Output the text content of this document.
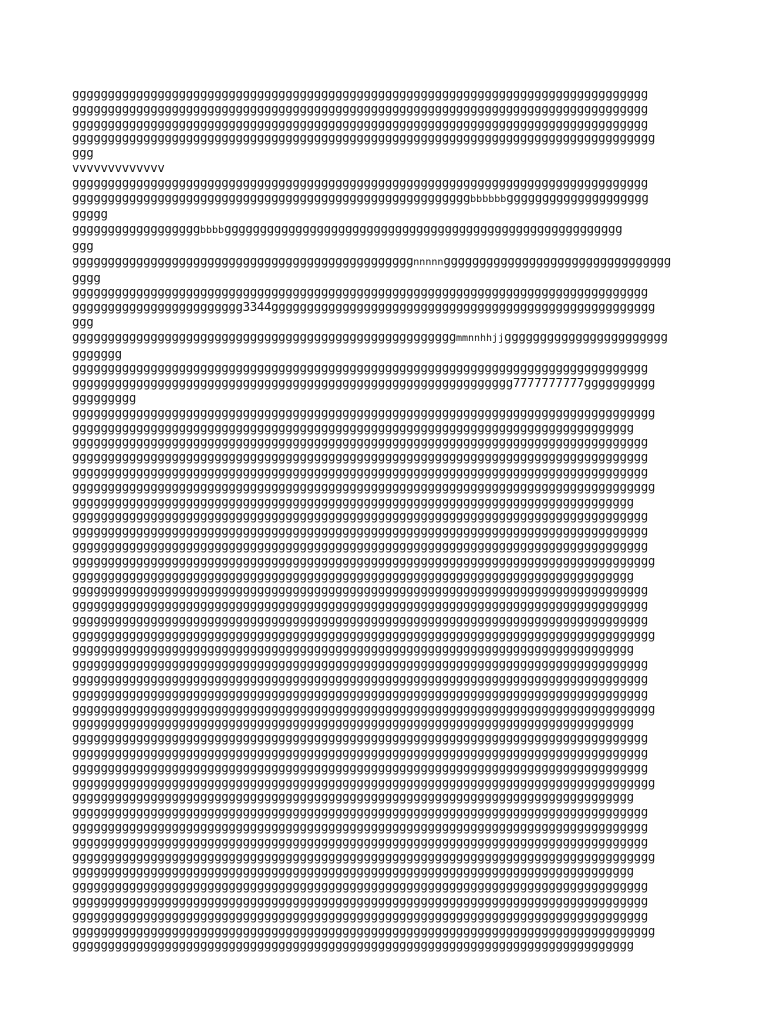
ggggggggggggggggggggggggggggggggggggggggggggggggggggggggggggggggggggggggggggggggg
ggggggggggggggggggggggggggggggggggggggggggggggggggggggggggggggggggggggggggggggggg
ggggggggggggggggggggggggggggggggggggggggggggggggggggggggggggggggggggggggggggggggg
gggggggggggggggggggggggggggggggggggggggggggggggggggggggggggggggggggggggggggggggggg
ggg
vvvvvvvvvvvvv
ggggggggggggggggggggggggggggggggggggggggggggggggggggggggggggggggggggggggggggggggg
ggggggggggggggggggggggggggggggggggggggggggggggggggggggggbbbbbbgggggggggggggggggggg
ggggg
ggggggggggggggggggbbbbgggggggggggggggggggggggggggggggggggggggggggggggggggggggg
ggg
ggggggggggggggggggggggggggggggggggggggggggggggggnnnnngggggggggggggggggggggggggggggggg
gggg
ggggggggggggggggggggggggggggggggggggggggggggggggggggggggggggggggggggggggggggggggg
gggggggggggggggggggggggg3344gggggggggggggggggggggggggggggggggggggggggggggggggggggg
ggg
ggggggggggggggggggggggggggggggggggggggggggggggggggggggmmnnhhjjggggggggggggggggggggggg
ggggggg
ggggggggggggggggggggggggggggggggggggggggggggggggggggggggggggggggggggggggggggggggg
gggggggggggggggggggggggggggggggggggggggggggggggggggggggggggggg7777777777gggggggggg
ggggggggg
gggggggggggggggggggggggggggggggggggggggggggggggggggggggggggggggggggggggggggggggggg
ggggggggggggggggggggggggggggggggggggggggggggggggggggggggggggggggggggggggggggggg
ggggggggggggggggggggggggggggggggggggggggggggggggggggggggggggggggggggggggggggggggg
ggggggggggggggggggggggggggggggggggggggggggggggggggggggggggggggggggggggggggggggggg
ggggggggggggggggggggggggggggggggggggggggggggggggggggggggggggggggggggggggggggggggg
gggggggggggggggggggggggggggggggggggggggggggggggggggggggggggggggggggggggggggggggggg
ggggggggggggggggggggggggggggggggggggggggggggggggggggggggggggggggggggggggggggggg
ggggggggggggggggggggggggggggggggggggggggggggggggggggggggggggggggggggggggggggggggg
ggggggggggggggggggggggggggggggggggggggggggggggggggggggggggggggggggggggggggggggggg
ggggggggggggggggggggggggggggggggggggggggggggggggggggggggggggggggggggggggggggggggg
gggggggggggggggggggggggggggggggggggggggggggggggggggggggggggggggggggggggggggggggggg
ggggggggggggggggggggggggggggggggggggggggggggggggggggggggggggggggggggggggggggggg
ggggggggggggggggggggggggggggggggggggggggggggggggggggggggggggggggggggggggggggggggg
ggggggggggggggggggggggggggggggggggggggggggggggggggggggggggggggggggggggggggggggggg
ggggggggggggggggggggggggggggggggggggggggggggggggggggggggggggggggggggggggggggggggg
gggggggggggggggggggggggggggggggggggggggggggggggggggggggggggggggggggggggggggggggggg
ggggggggggggggggggggggggggggggggggggggggggggggggggggggggggggggggggggggggggggggg
ggggggggggggggggggggggggggggggggggggggggggggggggggggggggggggggggggggggggggggggggg
ggggggggggggggggggggggggggggggggggggggggggggggggggggggggggggggggggggggggggggggggg
ggggggggggggggggggggggggggggggggggggggggggggggggggggggggggggggggggggggggggggggggg
gggggggggggggggggggggggggggggggggggggggggggggggggggggggggggggggggggggggggggggggggg
ggggggggggggggggggggggggggggggggggggggggggggggggggggggggggggggggggggggggggggggg
ggggggggggggggggggggggggggggggggggggggggggggggggggggggggggggggggggggggggggggggggg
ggggggggggggggggggggggggggggggggggggggggggggggggggggggggggggggggggggggggggggggggg
ggggggggggggggggggggggggggggggggggggggggggggggggggggggggggggggggggggggggggggggggg
gggggggggggggggggggggggggggggggggggggggggggggggggggggggggggggggggggggggggggggggggg
ggggggggggggggggggggggggggggggggggggggggggggggggggggggggggggggggggggggggggggggg
ggggggggggggggggggggggggggggggggggggggggggggggggggggggggggggggggggggggggggggggggg
ggggggggggggggggggggggggggggggggggggggggggggggggggggggggggggggggggggggggggggggggg
ggggggggggggggggggggggggggggggggggggggggggggggggggggggggggggggggggggggggggggggggg
gggggggggggggggggggggggggggggggggggggggggggggggggggggggggggggggggggggggggggggggggg
ggggggggggggggggggggggggggggggggggggggggggggggggggggggggggggggggggggggggggggggg
ggggggggggggggggggggggggggggggggggggggggggggggggggggggggggggggggggggggggggggggggg
ggggggggggggggggggggggggggggggggggggggggggggggggggggggggggggggggggggggggggggggggg
ggggggggggggggggggggggggggggggggggggggggggggggggggggggggggggggggggggggggggggggggg
gggggggggggggggggggggggggggggggggggggggggggggggggggggggggggggggggggggggggggggggggg
ggggggggggggggggggggggggggggggggggggggggggggggggggggggggggggggggggggggggggggggg
